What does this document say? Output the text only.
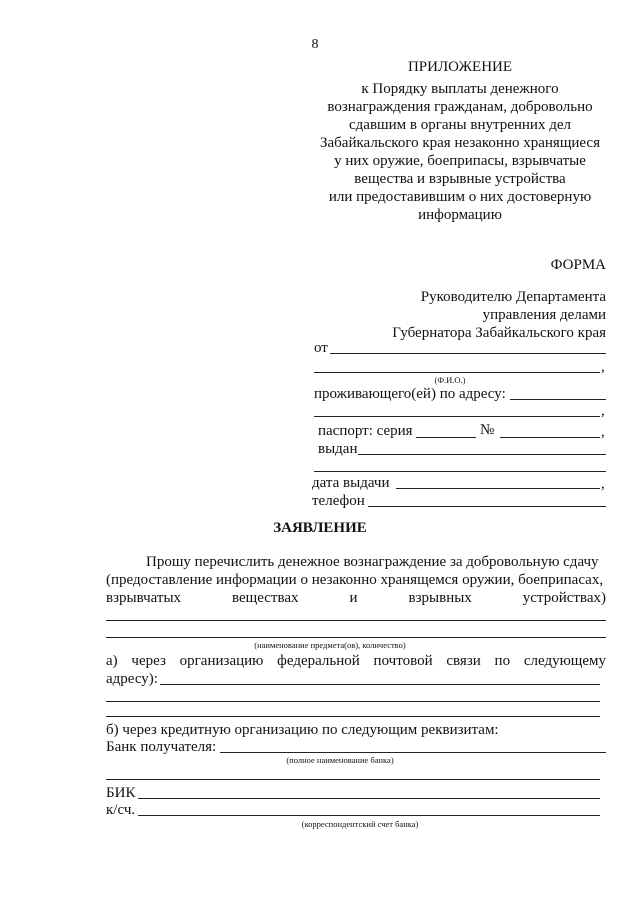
8
ПРИЛОЖЕНИЕ
к Порядку выплаты денежного
вознаграждения гражданам, добровольно
сдавшим в органы внутренних дел
Забайкальского края незаконно хранящиеся
у них оружие, боеприпасы, взрывчатые
вещества и взрывные устройства
или предоставившим о них достоверную
информацию
ФОРМА
Руководителю Департамента
управления делами
Губернатора Забайкальского края
от
,
(Ф.И.О.)
проживающего(ей) по адресу:
,
паспорт: серия	№	,
выдан
дата выдачи	,
телефон
ЗАЯВЛЕНИЕ
Прошу перечислить денежное вознаграждение за добровольную сдачу
(предоставление информации о незаконно хранящемся оружии, боеприпасах,
взрывчатых	веществах	и	взрывных	устройствах)
(наименование предмета(ов), количество)
а) через организацию федеральной почтовой связи по следующему
адресу):
б) через кредитную организацию по следующим реквизитам:
Банк получателя:
(полное наименование банка)
БИК
к/сч.
(корреспондентский счет банка)
